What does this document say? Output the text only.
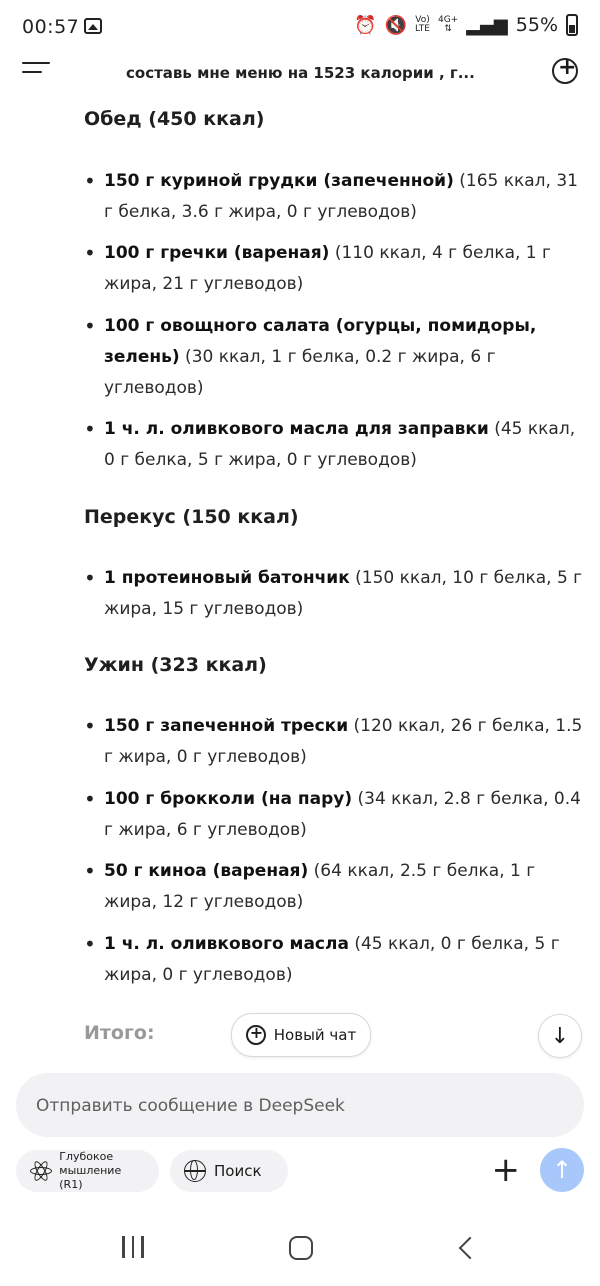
00:57	⏰ 🔇 Vo)
LTE
4G+
⇅ ▂▄▆ 55%
составь мне меню на 1523 калории , г...
+
Обед (450 ккал)
• 150 г куриной грудки (запеченной) (165 ккал, 31 г белка, 3.6 г жира, 0 г углеводов)
• 100 г гречки (вареная) (110 ккал, 4 г белка, 1 г жира, 21 г углеводов)
• 100 г овощного салата (огурцы, помидоры, зелень) (30 ккал, 1 г белка, 0.2 г жира, 6 г углеводов)
• 1 ч. л. оливкового масла для заправки (45 ккал, 0 г белка, 5 г жира, 0 г углеводов)
Перекус (150 ккал)
• 1 протеиновый батончик (150 ккал, 10 г белка, 5 г жира, 15 г углеводов)
Ужин (323 ккал)
• 150 г запеченной трески (120 ккал, 26 г белка, 1.5 г жира, 0 г углеводов)
• 100 г брокколи (на пару) (34 ккал, 2.8 г белка, 0.4 г жира, 6 г углеводов)
• 50 г киноа (вареная) (64 ккал, 2.5 г белка, 1 г жира, 12 г углеводов)
• 1 ч. л. оливкового масла (45 ккал, 0 г белка, 5 г жира, 0 г углеводов)
Итого:
+	Новый чат	↓
Отправить сообщение в DeepSeek
Глубокое
мышление (R1)
Поиск	+ ↑
